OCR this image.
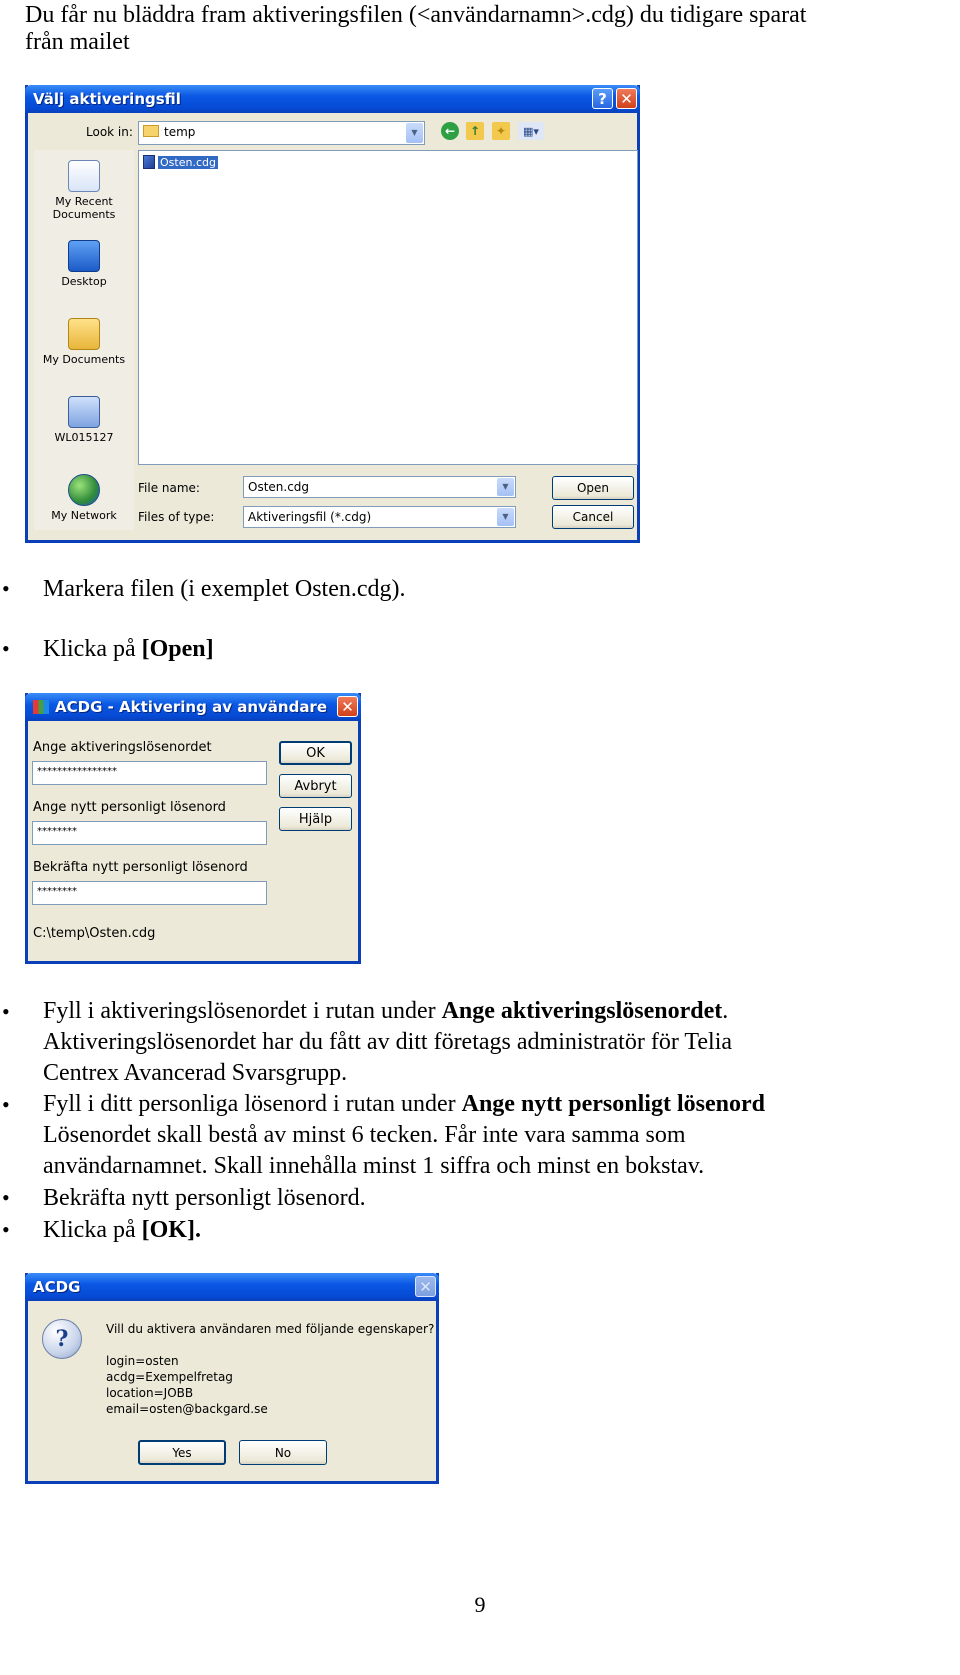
Du får nu bläddra fram aktiveringsfilen (<användarnamn>.cdg) du tidigare sparat
från mailet
Välj aktiveringsfil	? ✕
Look in:	temp	▼	←	↑	✦	▦▾
My Recent Documents
Desktop
My Documents
WL015127
My Network
Osten.cdg
File name:	Osten.cdg	▼
Files of type:	Aktiveringsfil (*.cdg)	▼
Open
Cancel
• Markera filen (i exemplet Osten.cdg).
• Klicka på [Open]
ACDG - Aktivering av användare ✕
Ange aktiveringslösenordet
****************
Ange nytt personligt lösenord
********
Bekräfta nytt personligt lösenord
********
C:\temp\Osten.cdg
OK
Avbryt
Hjälp
• Fyll i aktiveringslösenordet i rutan under Ange aktiveringslösenordet.
Aktiveringslösenordet har du fått av ditt företags administratör för Telia
Centrex Avancerad Svarsgrupp.
• Fyll i ditt personliga lösenord i rutan under Ange nytt personligt lösenord
Lösenordet skall bestå av minst 6 tecken. Får inte vara samma som
användarnamnet. Skall innehålla minst 1 siffra och minst en bokstav.
• Bekräfta nytt personligt lösenord.
• Klicka på [OK].
ACDG	✕
?	Vill du aktivera användaren med följande egenskaper?
login=osten
acdg=Exempelfretag
location=JOBB
email=osten@backgard.se
Yes	No
9
